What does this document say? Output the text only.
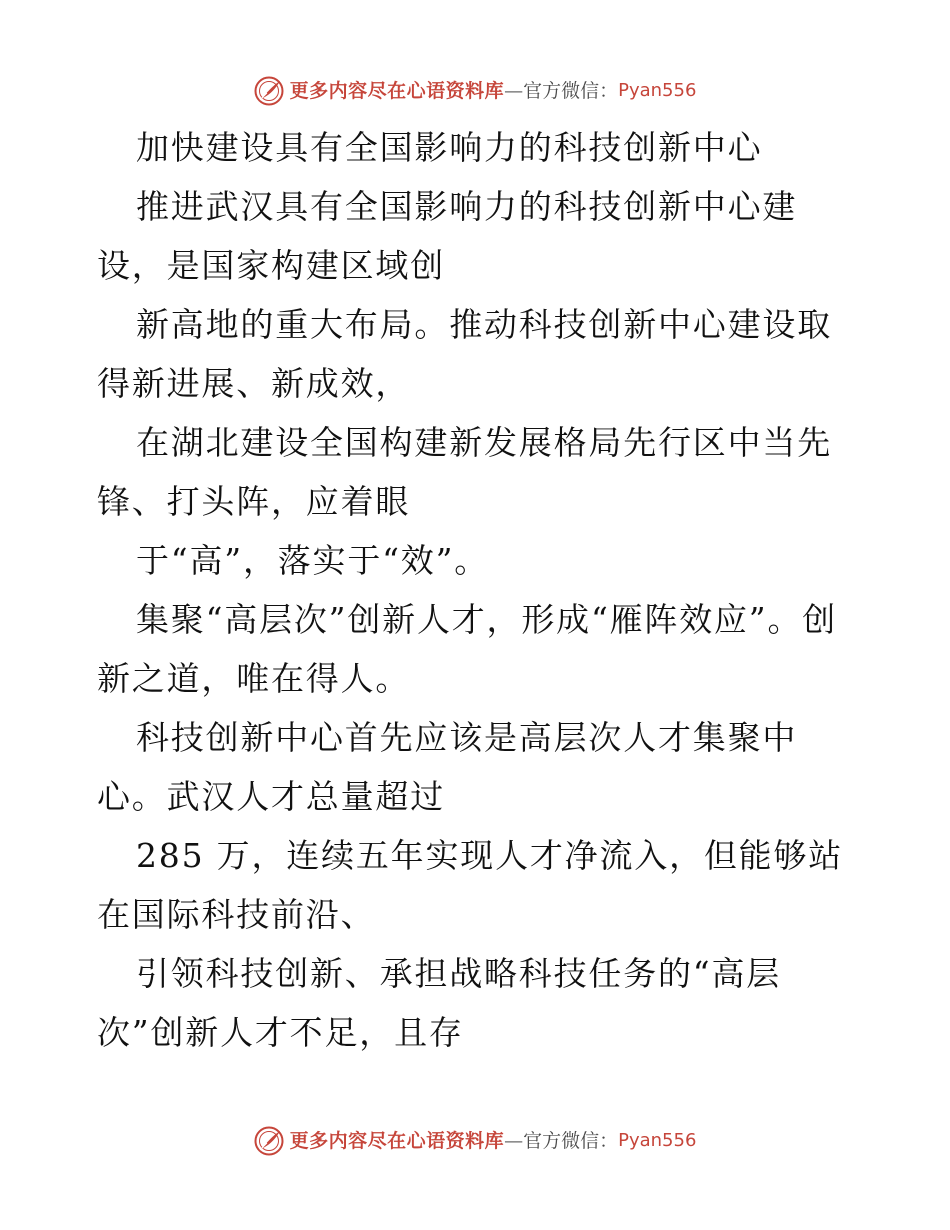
更多内容尽在心语资料库 — 官方微信： Pyan556

加快建设具有全国影响力的科技创新中心

推进武汉具有全国影响力的科技创新中心建设，是国家构建区域创

新高地的重大布局。推动科技创新中心建设取得新进展、新成效，

在湖北建设全国构建新发展格局先行区中当先锋、打头阵，应着眼

于“高”，落实于“效”。

集聚“高层次”创新人才，形成“雁阵效应”。创新之道，唯在得人。

科技创新中心首先应该是高层次人才集聚中心。武汉人才总量超过

285 万，连续五年实现人才净流入，但能够站在国际科技前沿、

引领科技创新、承担战略科技任务的“高层次”创新人才不足，且存

更多内容尽在心语资料库 — 官方微信： Pyan556
